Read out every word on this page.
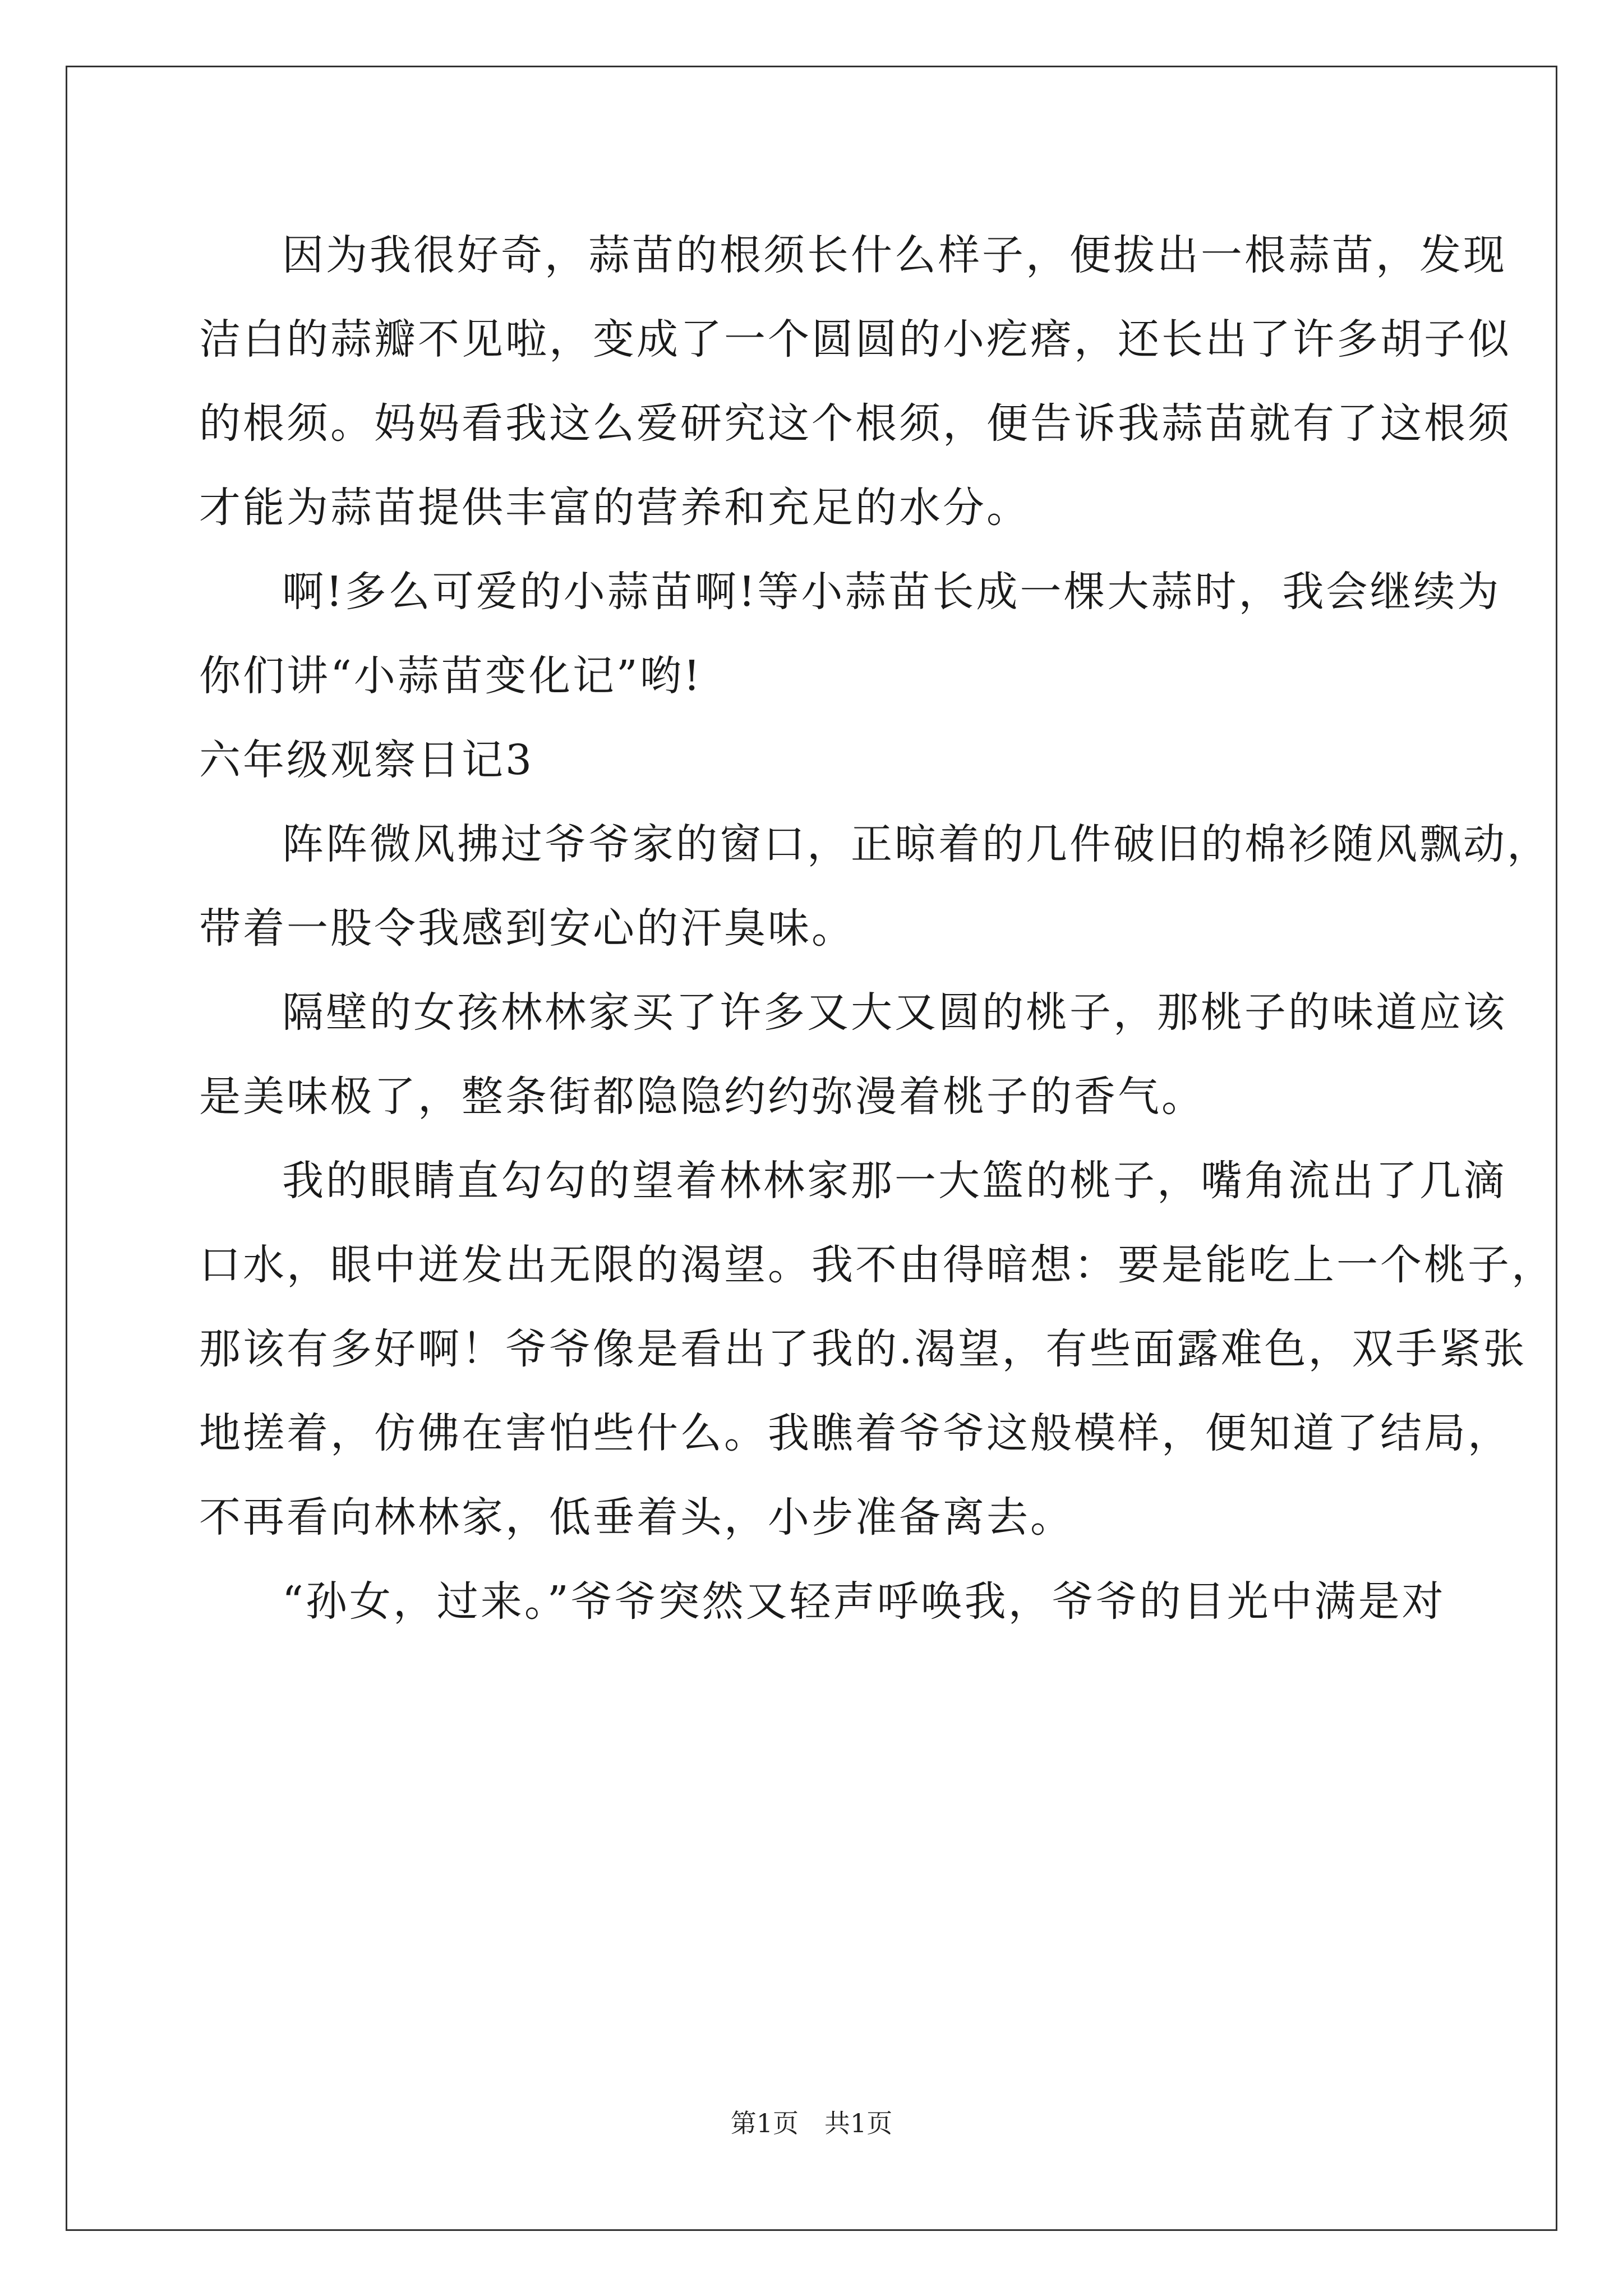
因为我很好奇，蒜苗的根须长什么样子，便拔出一根蒜苗，发现
洁白的蒜瓣不见啦，变成了一个圆圆的小疙瘩，还长出了许多胡子似
的根须。妈妈看我这么爱研究这个根须，便告诉我蒜苗就有了这根须
才能为蒜苗提供丰富的营养和充足的水分。
啊!多么可爱的小蒜苗啊!等小蒜苗长成一棵大蒜时，我会继续为
你们讲“小蒜苗变化记”哟!
六年级观察日记3
阵阵微风拂过爷爷家的窗口，正晾着的几件破旧的棉衫随风飘动，
带着一股令我感到安心的汗臭味。
隔壁的女孩林林家买了许多又大又圆的桃子，那桃子的味道应该
是美味极了，整条街都隐隐约约弥漫着桃子的香气。
我的眼睛直勾勾的望着林林家那一大篮的桃子，嘴角流出了几滴
口水，眼中迸发出无限的渴望。我不由得暗想：要是能吃上一个桃子，
那该有多好啊！爷爷像是看出了我的.渴望，有些面露难色，双手紧张
地搓着，仿佛在害怕些什么。我瞧着爷爷这般模样，便知道了结局，
不再看向林林家，低垂着头，小步准备离去。
“孙女，过来。”爷爷突然又轻声呼唤我，爷爷的目光中满是对
第1页　共1页
